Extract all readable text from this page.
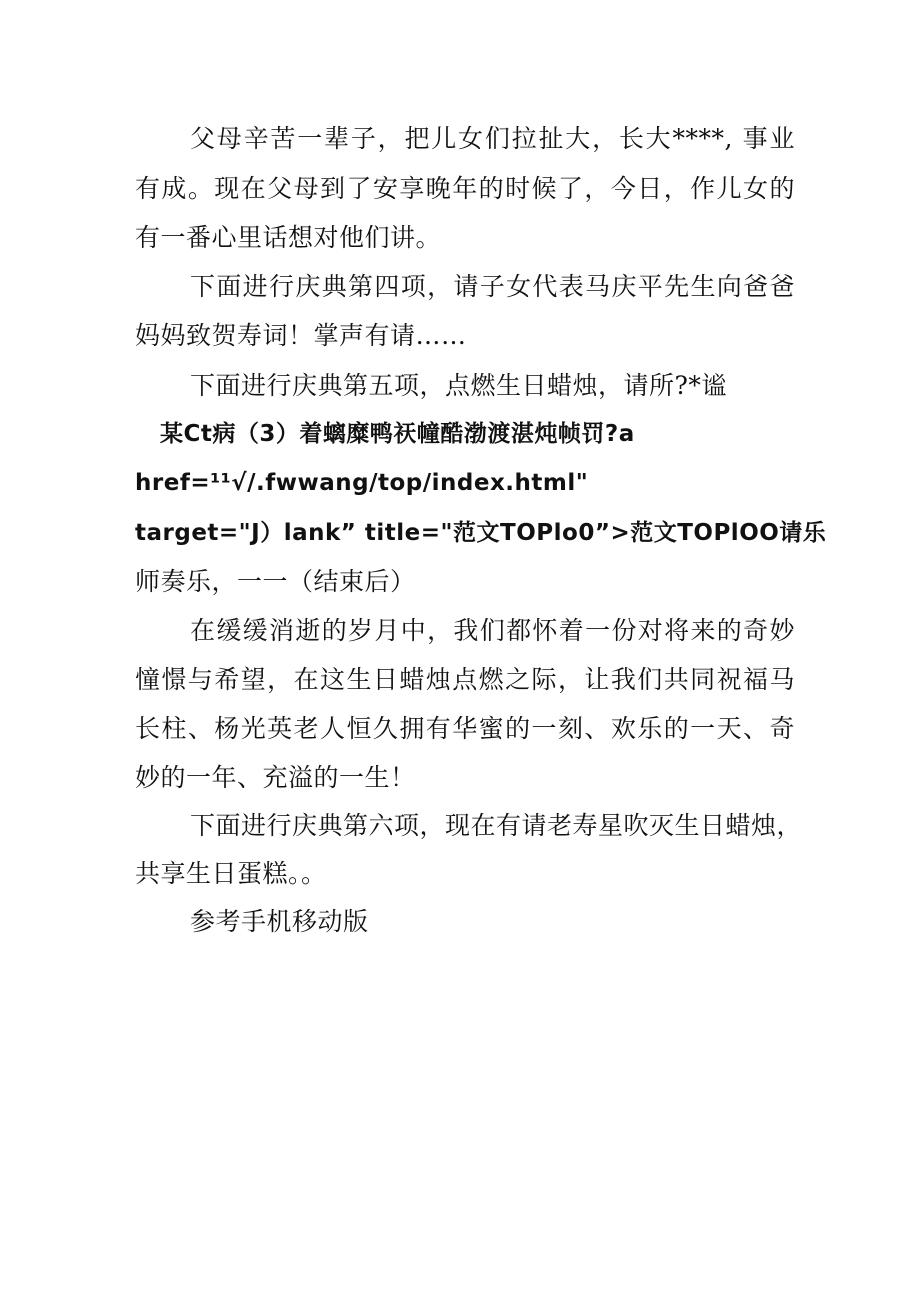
父母辛苦一辈子，把儿女们拉扯大，长大****, 事业
有成。现在父母到了安享晚年的时候了，今日，作儿女的
有一番心里话想对他们讲。
下面进行庆典第四项，请子女代表马庆平先生向爸爸
妈妈致贺寿词！掌声有请……
下面进行庆典第五项，点燃生日蜡烛，请所?*谧
某Ct病（3）着螭糜鸭祆幢酷渤渡湛炖帧罚?a
href=¹¹√/.fwwang/top/index.html"
target="J）lank” title="范文TOPlo0”>范文TOPlOO请乐
师奏乐，一一（结束后）
在缓缓消逝的岁月中，我们都怀着一份对将来的奇妙
憧憬与希望，在这生日蜡烛点燃之际，让我们共同祝福马
长柱、杨光英老人恒久拥有华蜜的一刻、欢乐的一天、奇
妙的一年、充溢的一生！
下面进行庆典第六项，现在有请老寿星吹灭生日蜡烛，
共享生日蛋糕。。
参考手机移动版
